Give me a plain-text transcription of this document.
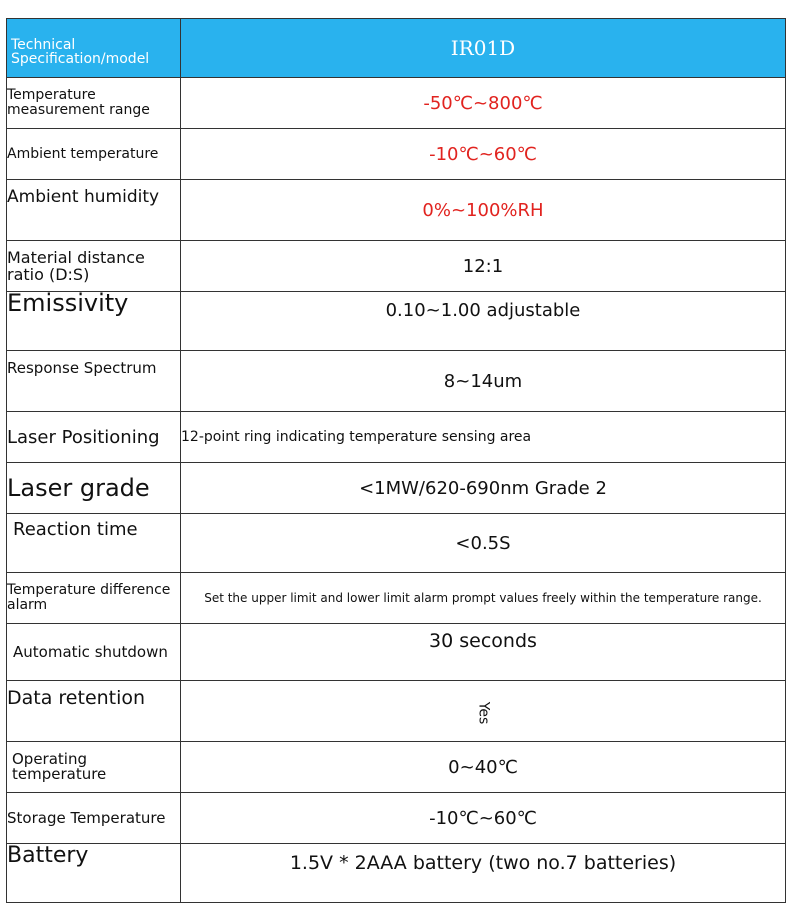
Technical Specification/model	IR01D
Temperature measurement range	-50℃~800℃
Ambient temperature	-10℃~60℃
Ambient humidity	0%~100%RH
Material distance ratio (D:S)	12:1
Emissivity	0.10~1.00 adjustable
Response Spectrum	8~14um
Laser Positioning	12-point ring indicating temperature sensing area
Laser grade	<1MW/620-690nm Grade 2
Reaction time	<0.5S
Temperature difference alarm	Set the upper limit and lower limit alarm prompt values freely within the temperature range.
Automatic shutdown	30 seconds
Data retention	Yes
Operating temperature	0~40℃
Storage Temperature	-10℃~60℃
Battery	1.5V * 2AAA battery (two no.7 batteries)
